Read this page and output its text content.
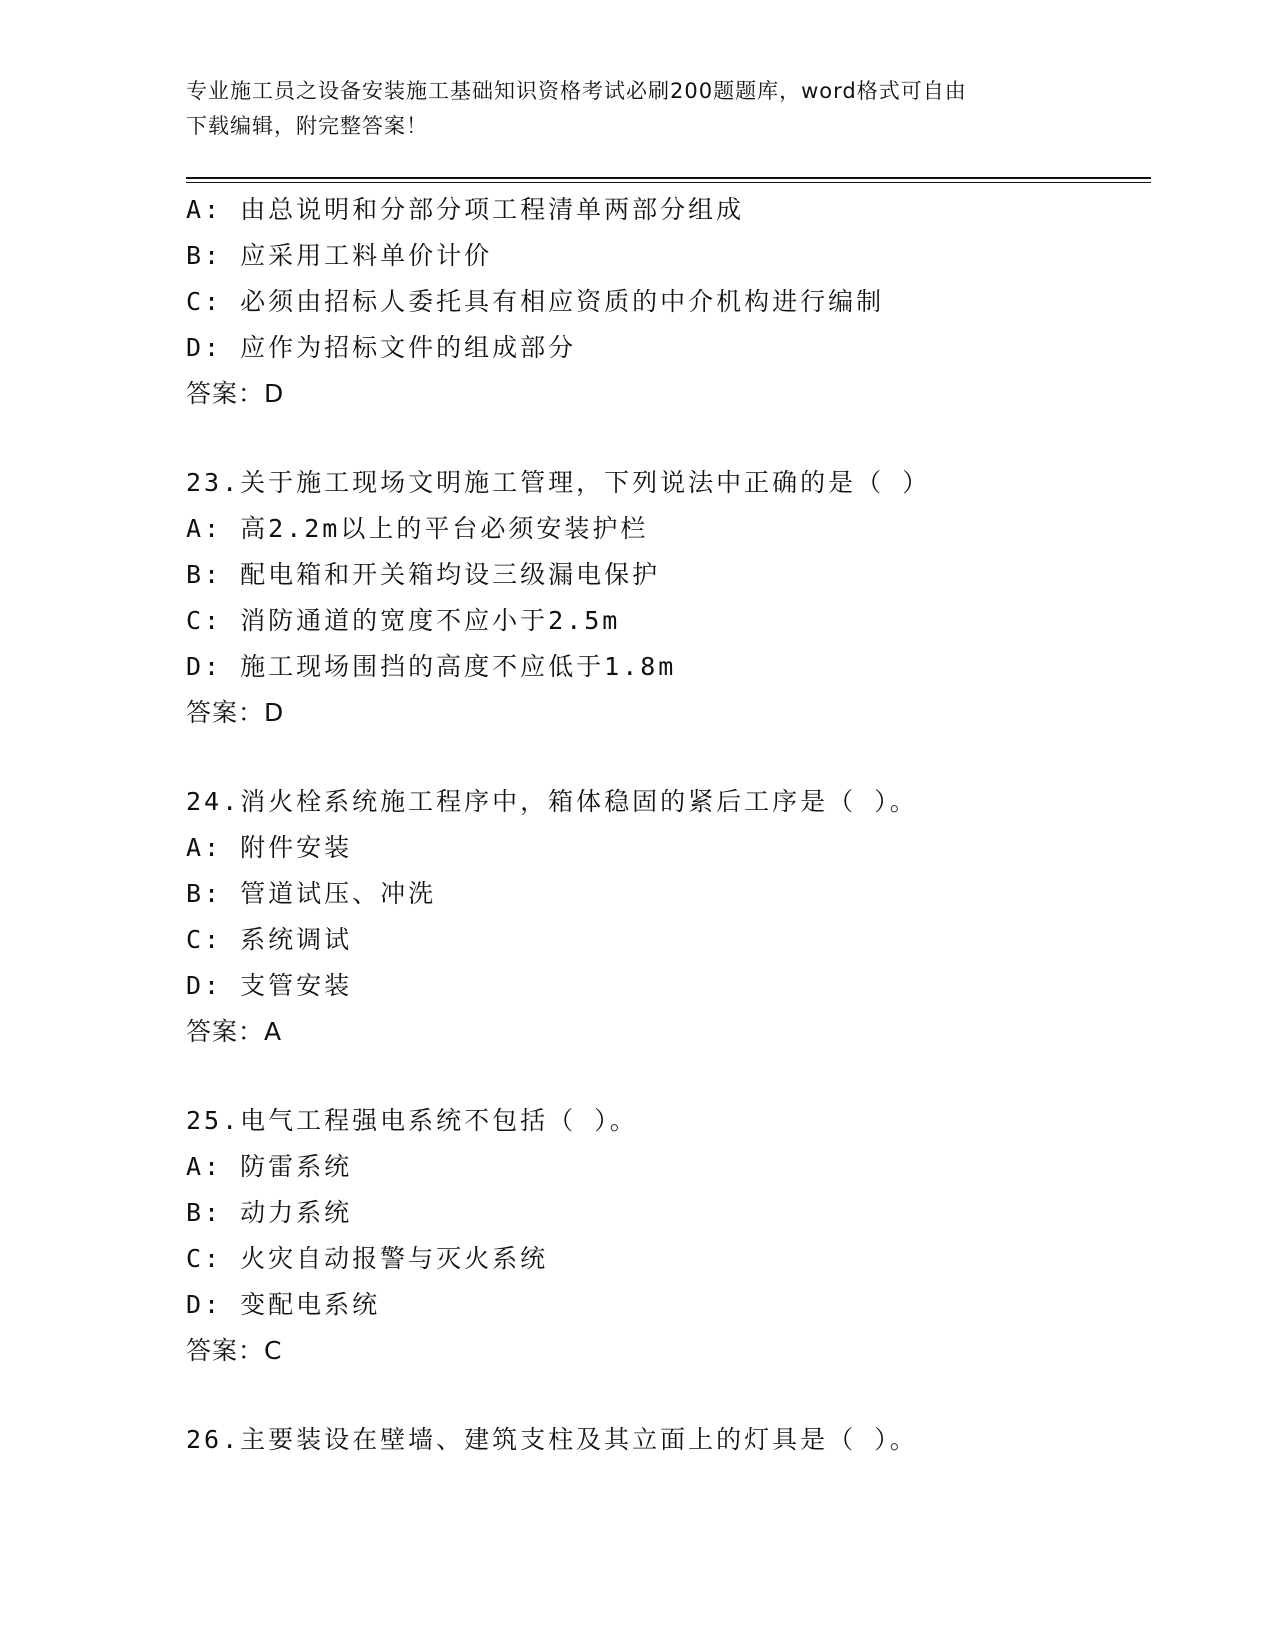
专业施工员之设备安装施工基础知识资格考试必刷200题题库，word格式可自由
下载编辑，附完整答案！
A: 由总说明和分部分项工程清单两部分组成
B: 应采用工料单价计价
C: 必须由招标人委托具有相应资质的中介机构进行编制
D: 应作为招标文件的组成部分
答案：D
23.关于施工现场文明施工管理，下列说法中正确的是（ ）
A: 高2.2m以上的平台必须安装护栏
B: 配电箱和开关箱均设三级漏电保护
C: 消防通道的宽度不应小于2.5m
D: 施工现场围挡的高度不应低于1.8m
答案：D
24.消火栓系统施工程序中，箱体稳固的紧后工序是（ ）。
A: 附件安装
B: 管道试压、冲洗
C: 系统调试
D: 支管安装
答案：A
25.电气工程强电系统不包括（ ）。
A: 防雷系统
B: 动力系统
C: 火灾自动报警与灭火系统
D: 变配电系统
答案：C
26.主要装设在壁墙、建筑支柱及其立面上的灯具是（ ）。
